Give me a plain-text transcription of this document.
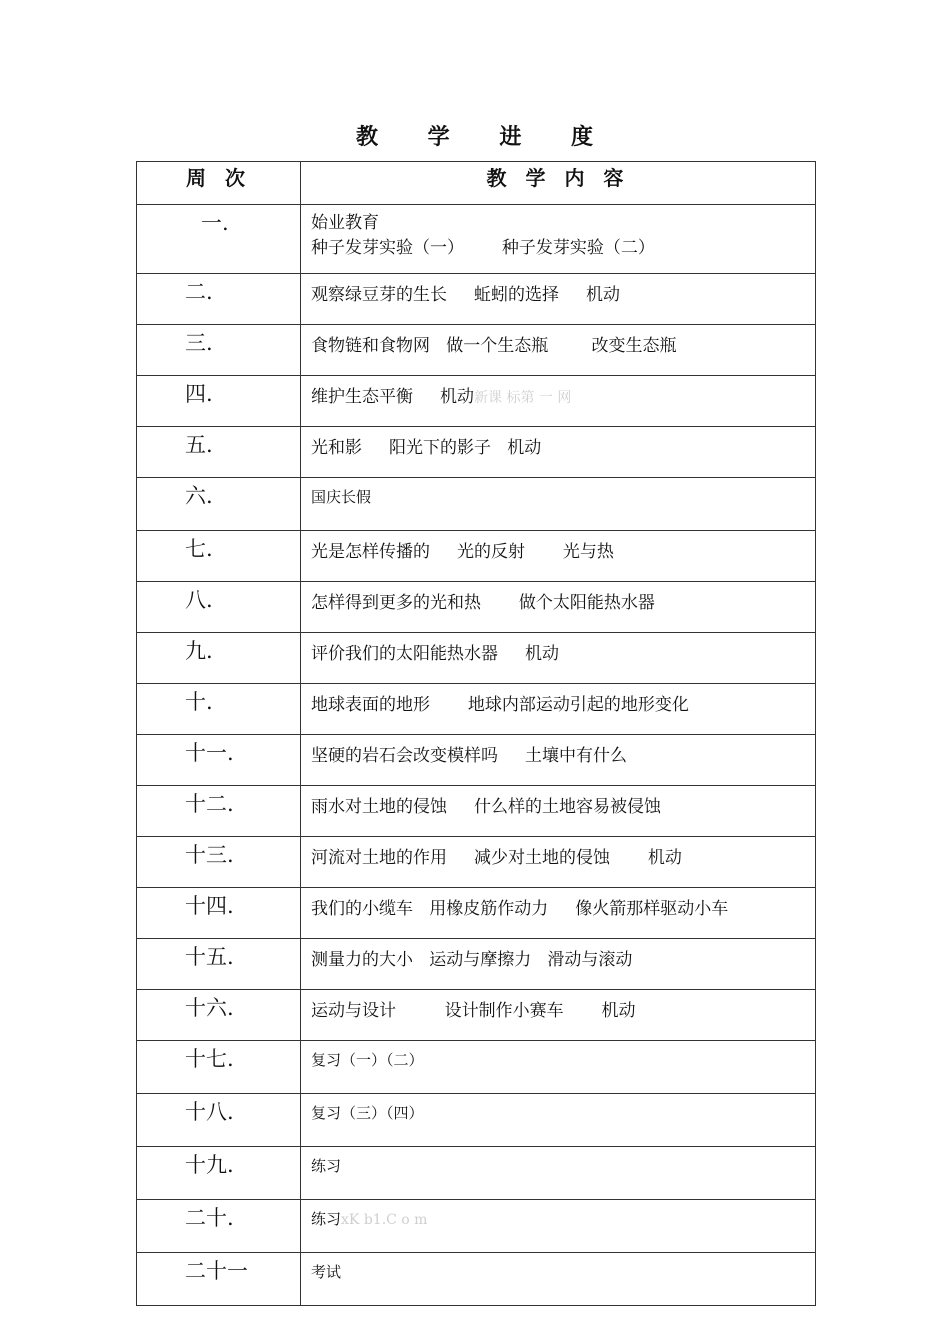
教 学 进 度
周 次	教 学 内 容
一.	始业教育
种子发芽实验（一）       种子发芽实验（二）

二.	观察绿豆芽的生长     蚯蚓的选择     机动
三.	食物链和食物网   做一个生态瓶        改变生态瓶
四.	维护生态平衡     机动新课 标第 一 网
五.	光和影     阳光下的影子   机动
六.	国庆长假
七.	光是怎样传播的     光的反射       光与热
八.	怎样得到更多的光和热       做个太阳能热水器
九.	评价我们的太阳能热水器     机动
十.	地球表面的地形       地球内部运动引起的地形变化
十一.	坚硬的岩石会改变模样吗     土壤中有什么
十二.	雨水对土地的侵蚀     什么样的土地容易被侵蚀
十三.	河流对土地的作用     减少对土地的侵蚀       机动
十四.	我们的小缆车   用橡皮筋作动力     像火箭那样驱动小车
十五.	测量力的大小   运动与摩擦力   滑动与滚动
十六.	运动与设计         设计制作小赛车       机动
十七.	复习（一）（二）
十八.	复习（三）（四）
十九.	练习
二十.	练习xK b1.C o m
二十一	考试
